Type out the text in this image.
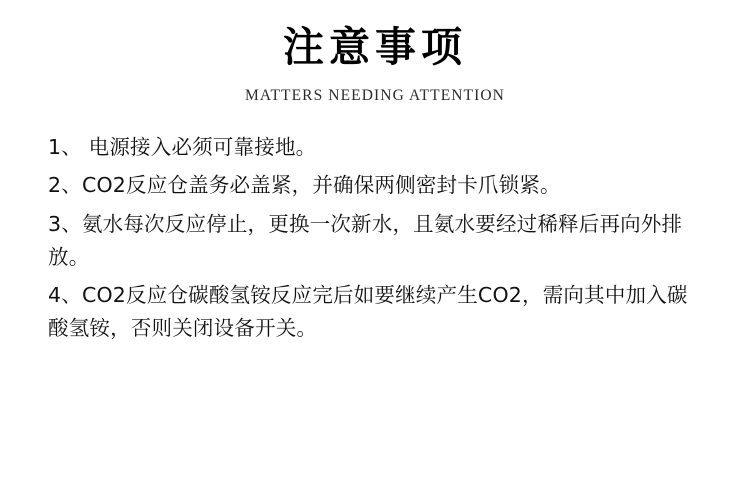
注意事项
MATTERS NEEDING ATTENTION
1、 电源接入必须可靠接地。
2、CO2反应仓盖务必盖紧，并确保两侧密封卡爪锁紧。
3、氨水每次反应停止，更换一次新水，且氨水要经过稀释后再向外排放。
4、CO2反应仓碳酸氢铵反应完后如要继续产生CO2，需向其中加入碳酸氢铵，否则关闭设备开关。
